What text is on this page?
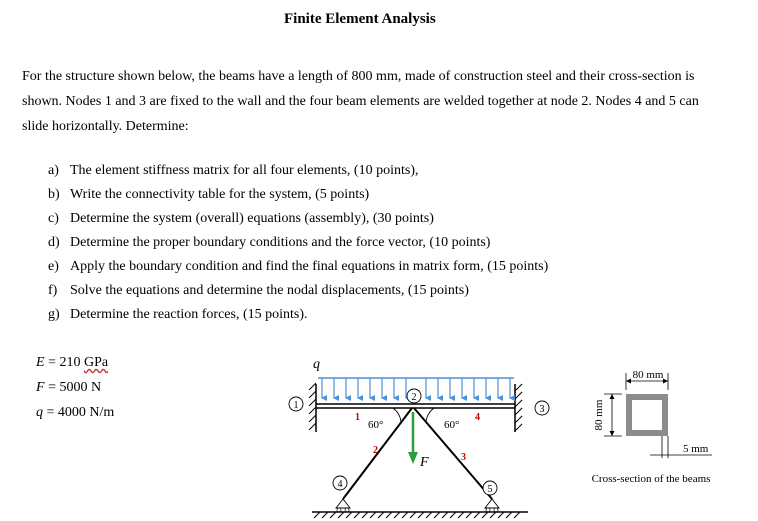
Finite Element Analysis

For the structure shown below, the beams have a length of 800 mm, made of construction steel and their cross-section is shown. Nodes 1 and 3 are fixed to the wall and the four beam elements are welded together at node 2. Nodes 4 and 5 can slide horizontally. Determine:

a) The element stiffness matrix for all four elements, (10 points),
b) Write the connectivity table for the system, (5 points)
c) Determine the system (overall) equations (assembly), (30 points)
d) Determine the proper boundary conditions and the force vector, (10 points)
e) Apply the boundary condition and find the final equations in matrix form, (15 points)
f) Solve the equations and determine the nodal displacements, (15 points)
g) Determine the reaction forces, (15 points).
E = 210 GPa
F = 5000 N
q = 4000 N/m
q
60°	60°
F
1
2
3
4
1
2
3
4	5
80 mm
80 mm
5 mm
Cross-section of the beams
